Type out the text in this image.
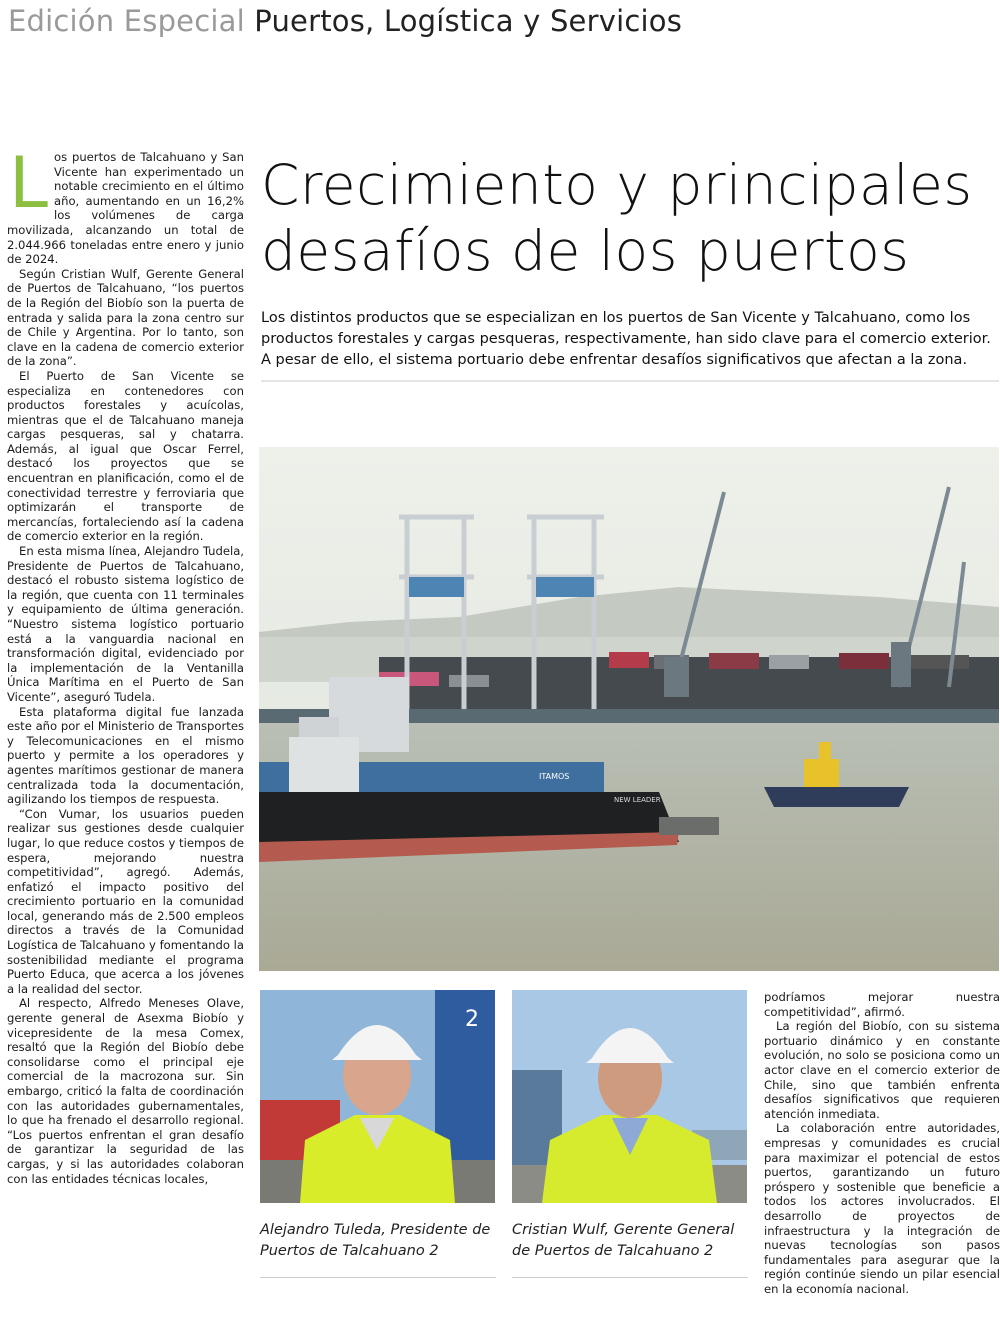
Edición Especial Puertos, Logística y Servicios

Los puertos de Talcahuano y San Vicente han experimentado un notable crecimiento en el último año, aumentando en un 16,2% los volúmenes de carga movilizada, alcanzando un total de 2.044.966 toneladas entre enero y junio de 2024.

Según Cristian Wulf, Gerente General de Puertos de Talcahuano, “los puertos de la Región del Biobío son la puerta de entrada y salida para la zona centro sur de Chile y Argentina. Por lo tanto, son clave en la cadena de comercio exterior de la zona”.

El Puerto de San Vicente se especializa en contenedores con productos forestales y acuícolas, mientras que el de Talcahuano maneja cargas pesqueras, sal y chatarra. Además, al igual que Oscar Ferrel, destacó los proyectos que se encuentran en planificación, como el de conectividad terrestre y ferroviaria que optimizarán el transporte de mercancías, fortaleciendo así la cadena de comercio exterior en la región.

En esta misma línea, Alejandro Tudela, Presidente de Puertos de Talcahuano, destacó el robusto sistema logístico de la región, que cuenta con 11 terminales y equipamiento de última generación. “Nuestro sistema logístico portuario está a la vanguardia nacional en transformación digital, evidenciado por la implementación de la Ventanilla Única Marítima en el Puerto de San Vicente”, aseguró Tudela.

Esta plataforma digital fue lanzada este año por el Ministerio de Transportes y Telecomunicaciones en el mismo puerto y permite a los operadores y agentes marítimos gestionar de manera centralizada toda la documentación, agilizando los tiempos de respuesta.

“Con Vumar, los usuarios pueden realizar sus gestiones desde cualquier lugar, lo que reduce costos y tiempos de espera, mejorando nuestra competitividad”, agregó. Además, enfatizó el impacto positivo del crecimiento portuario en la comunidad local, generando más de 2.500 empleos directos a través de la Comunidad Logística de Talcahuano y fomentando la sostenibilidad mediante el programa Puerto Educa, que acerca a los jóvenes a la realidad del sector.

Al respecto, Alfredo Meneses Olave, gerente general de Asexma Biobío y vicepresidente de la mesa Comex, resaltó que la Región del Biobío debe consolidarse como el principal eje comercial de la macrozona sur. Sin embargo, criticó la falta de coordinación con las autoridades gubernamentales, lo que ha frenado el desarrollo regional. “Los puertos enfrentan el gran desafío de garantizar la seguridad de las cargas, y si las autoridades colaboran con las entidades técnicas locales,

Crecimiento y principales
desafíos de los puertos
Los distintos productos que se especializan en los puertos de San Vicente y Talcahuano, como los productos forestales y cargas pesqueras, respectivamente, han sido clave para el comercio exterior. A pesar de ello, el sistema portuario debe enfrentar desafíos significativos que afectan a la zona.
ITAMOS
NEW LEADER
2
Alejandro Tuleda, Presidente de Puertos de Talcahuano 2
Cristian Wulf, Gerente General de Puertos de Talcahuano 2

podríamos mejorar nuestra competitividad”, afirmó.

La región del Biobío, con su sistema portuario dinámico y en constante evolución, no solo se posiciona como un actor clave en el comercio exterior de Chile, sino que también enfrenta desafíos significativos que requieren atención inmediata.

La colaboración entre autoridades, empresas y comunidades es crucial para maximizar el potencial de estos puertos, garantizando un futuro próspero y sostenible que beneficie a todos los actores involucrados. El desarrollo de proyectos de infraestructura y la integración de nuevas tecnologías son pasos fundamentales para asegurar que la región continúe siendo un pilar esencial en la economía nacional.
